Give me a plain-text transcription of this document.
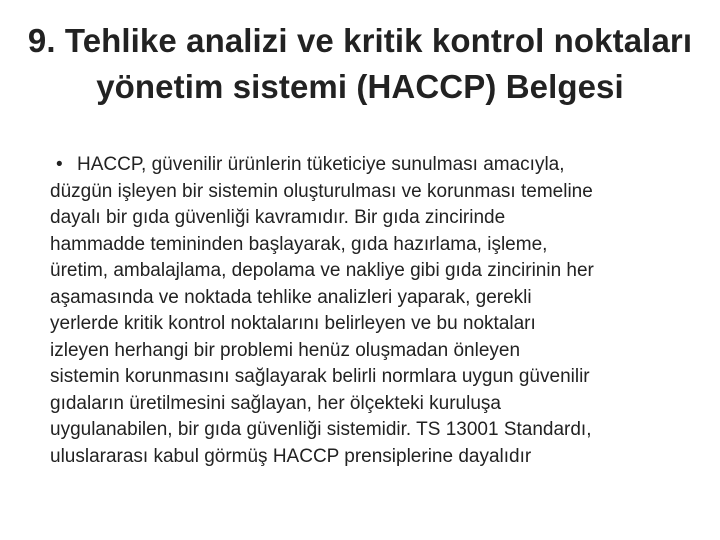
9. Tehlike analizi ve kritik kontrol noktaları
yönetim sistemi (HACCP) Belgesi
• HACCP, güvenilir ürünlerin tüketiciye sunulması amacıyla,
düzgün işleyen bir sistemin oluşturulması ve korunması temeline
dayalı bir gıda güvenliği kavramıdır. Bir gıda zincirinde
hammadde temininden başlayarak, gıda hazırlama, işleme,
üretim, ambalajlama, depolama ve nakliye gibi gıda zincirinin her
aşamasında ve noktada tehlike analizleri yaparak, gerekli
yerlerde kritik kontrol noktalarını belirleyen ve bu noktaları
izleyen herhangi bir problemi henüz oluşmadan önleyen
sistemin korunmasını sağlayarak belirli normlara uygun güvenilir
gıdaların üretilmesini sağlayan, her ölçekteki kuruluşa
uygulanabilen, bir gıda güvenliği sistemidir. TS 13001 Standardı,
uluslararası kabul görmüş HACCP prensiplerine dayalıdır
